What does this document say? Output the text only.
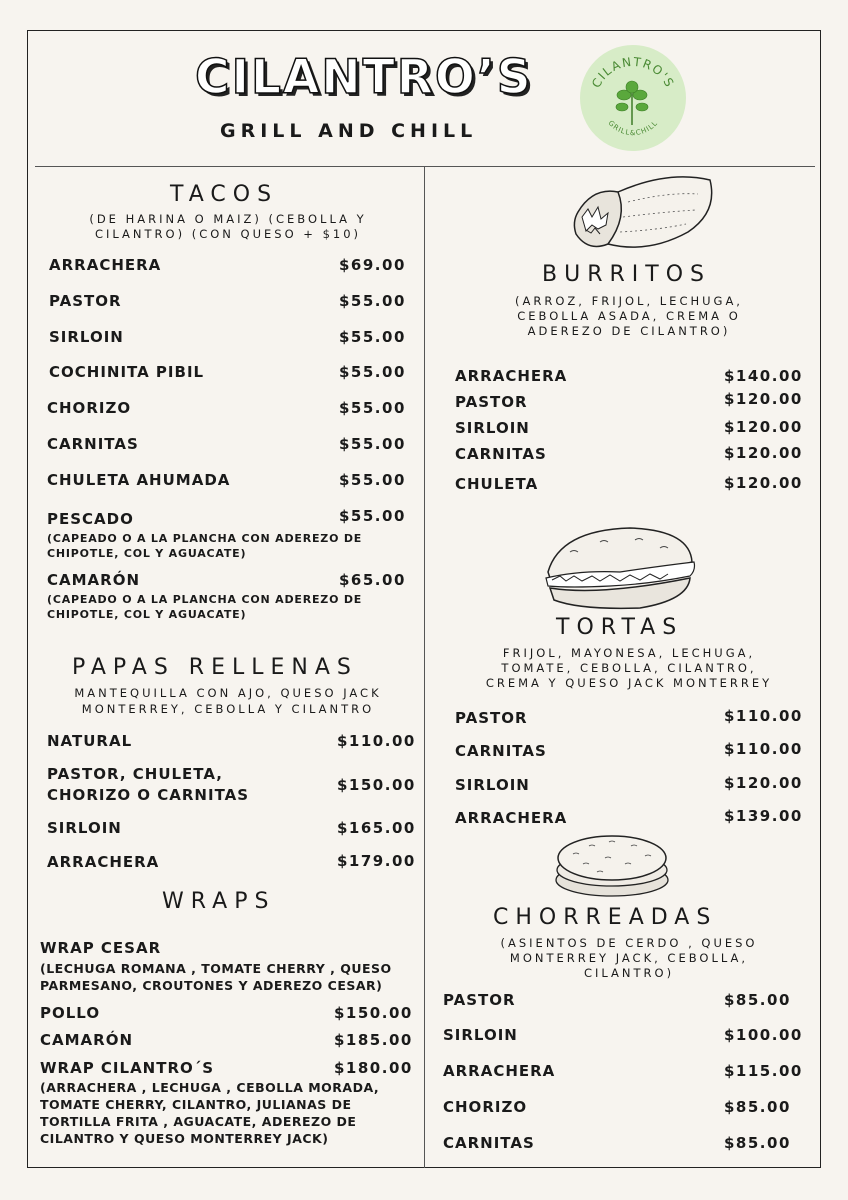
CILANTRO’S
GRILL AND CHILL
CILANTRO'S
GRILL&CHILL
TACOS
(DE HARINA O MAIZ) (CEBOLLA Y
CILANTRO) (CON QUESO + $10)
ARRACHERA	$69.00
PASTOR	$55.00
SIRLOIN	$55.00
COCHINITA PIBIL	$55.00
CHORIZO	$55.00
CARNITAS	$55.00
CHULETA AHUMADA	$55.00
PESCADO	$55.00
(CAPEADO O A LA PLANCHA CON ADEREZO DE
CHIPOTLE, COL Y AGUACATE)
CAMARÓN	$65.00
(CAPEADO O A LA PLANCHA CON ADEREZO DE
CHIPOTLE, COL Y AGUACATE)
PAPAS RELLENAS
MANTEQUILLA CON AJO, QUESO JACK
MONTERREY, CEBOLLA Y CILANTRO
NATURAL	$110.00
PASTOR, CHULETA,
CHORIZO O CARNITAS
$150.00
SIRLOIN	$165.00
ARRACHERA	$179.00
WRAPS
WRAP CESAR
(LECHUGA ROMANA , TOMATE CHERRY , QUESO
PARMESANO, CROUTONES Y ADEREZO CESAR)
POLLO	$150.00
CAMARÓN	$185.00
WRAP CILANTRO´S	$180.00
(ARRACHERA , LECHUGA , CEBOLLA MORADA,
TOMATE CHERRY, CILANTRO, JULIANAS DE
TORTILLA FRITA , AGUACATE, ADEREZO DE
CILANTRO Y QUESO MONTERREY JACK)
BURRITOS
(ARROZ, FRIJOL, LECHUGA,
CEBOLLA ASADA, CREMA O
ADEREZO DE CILANTRO)
ARRACHERA	$140.00
PASTOR	$120.00
SIRLOIN	$120.00
CARNITAS	$120.00
CHULETA	$120.00
TORTAS
FRIJOL, MAYONESA, LECHUGA,
TOMATE, CEBOLLA, CILANTRO,
CREMA Y QUESO JACK MONTERREY
PASTOR	$110.00
CARNITAS	$110.00
SIRLOIN	$120.00
ARRACHERA	$139.00
CHORREADAS
(ASIENTOS DE CERDO , QUESO
MONTERREY JACK, CEBOLLA,
CILANTRO)
PASTOR	$85.00
SIRLOIN	$100.00
ARRACHERA	$115.00
CHORIZO	$85.00
CARNITAS	$85.00
